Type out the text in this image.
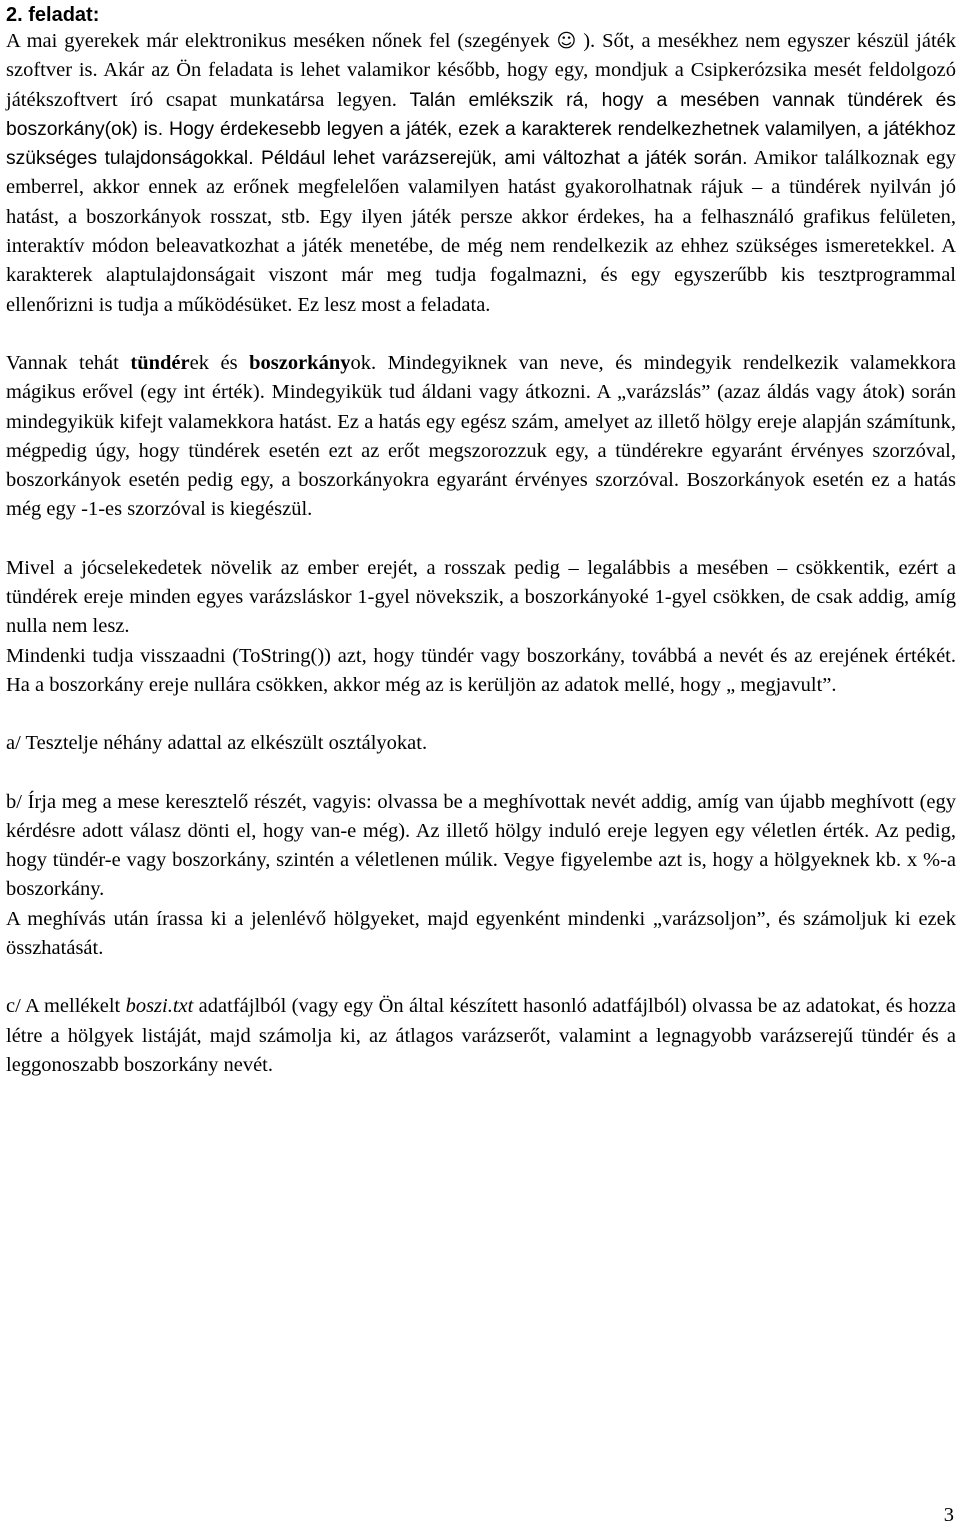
2. feladat:

A mai gyerekek már elektronikus meséken nőnek fel (szegények ☺ ). Sőt, a mesékhez nem egyszer készül játék szoftver is. Akár az Ön feladata is lehet valamikor később, hogy egy, mondjuk a Csipkerózsika mesét feldolgozó játékszoftvert író csapat munkatársa legyen. Talán emlékszik rá, hogy a mesében vannak tündérek és boszorkány(ok) is. Hogy érdekesebb legyen a játék, ezek a karakterek rendelkezhetnek valamilyen, a játékhoz szükséges tulajdonságokkal. Például lehet varázserejük, ami változhat a játék során. Amikor találkoznak egy emberrel, akkor ennek az erőnek megfelelően valamilyen hatást gyakorolhatnak rájuk – a tündérek nyilván jó hatást, a boszorkányok rosszat, stb. Egy ilyen játék persze akkor érdekes, ha a felhasználó grafikus felületen, interaktív módon beleavatkozhat a játék menetébe, de még nem rendelkezik az ehhez szükséges ismeretekkel. A karakterek alaptulajdonságait viszont már meg tudja fogalmazni, és egy egyszerűbb kis tesztprogrammal ellenőrizni is tudja a működésüket. Ez lesz most a feladata.

Vannak tehát tündérek és boszorkányok. Mindegyiknek van neve, és mindegyik rendelkezik valamekkora mágikus erővel (egy int érték). Mindegyikük tud áldani vagy átkozni. A „varázslás” (azaz áldás vagy átok) során mindegyikük kifejt valamekkora hatást. Ez a hatás egy egész szám, amelyet az illető hölgy ereje alapján számítunk, mégpedig úgy, hogy tündérek esetén ezt az erőt megszorozzuk egy, a tündérekre egyaránt érvényes szorzóval, boszorkányok esetén pedig egy, a boszorkányokra egyaránt érvényes szorzóval. Boszorkányok esetén ez a hatás még egy -1-es szorzóval is kiegészül.

Mivel a jócselekedetek növelik az ember erejét, a rosszak pedig – legalábbis a mesében – csökkentik, ezért a tündérek ereje minden egyes varázsláskor 1-gyel növekszik, a boszorkányoké 1-gyel csökken, de csak addig, amíg nulla nem lesz.

Mindenki tudja visszaadni (ToString()) azt, hogy tündér vagy boszorkány, továbbá a nevét és az erejének értékét. Ha a boszorkány ereje nullára csökken, akkor még az is kerüljön az adatok mellé, hogy „ megjavult”.

a/ Tesztelje néhány adattal az elkészült osztályokat.

b/ Írja meg a mese keresztelő részét, vagyis: olvassa be a meghívottak nevét addig, amíg van újabb meghívott (egy kérdésre adott válasz dönti el, hogy van-e még). Az illető hölgy induló ereje legyen egy véletlen érték. Az pedig, hogy tündér-e vagy boszorkány, szintén a véletlenen múlik. Vegye figyelembe azt is, hogy a hölgyeknek kb. x %-a boszorkány.

A meghívás után írassa ki a jelenlévő hölgyeket, majd egyenként mindenki „varázsoljon”, és számoljuk ki ezek összhatását.

c/ A mellékelt boszi.txt adatfájlból (vagy egy Ön által készített hasonló adatfájlból) olvassa be az adatokat, és hozza létre a hölgyek listáját, majd számolja ki, az átlagos varázserőt, valamint a legnagyobb varázserejű tündér és a leggonoszabb boszorkány nevét.

3
